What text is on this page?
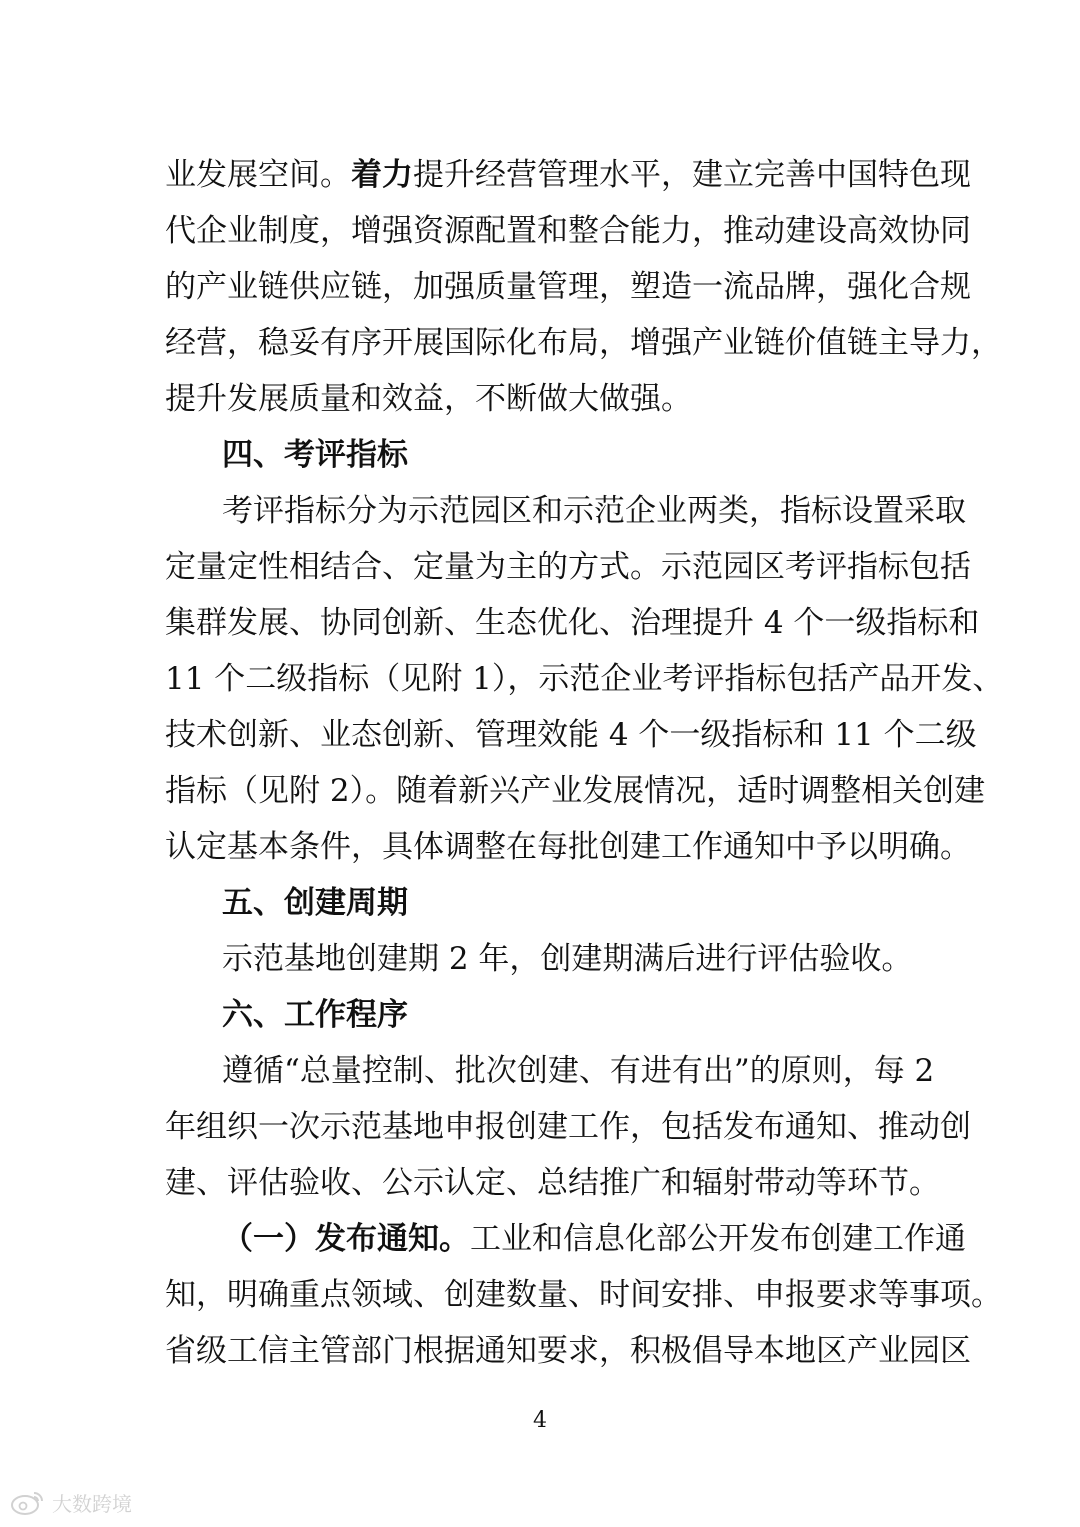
业发展空间。着力提升经营管理水平，建立完善中国特色现
代企业制度，增强资源配置和整合能力，推动建设高效协同
的产业链供应链，加强质量管理，塑造一流品牌，强化合规
经营，稳妥有序开展国际化布局，增强产业链价值链主导力，
提升发展质量和效益，不断做大做强。
四、考评指标
考评指标分为示范园区和示范企业两类，指标设置采取
定量定性相结合、定量为主的方式。示范园区考评指标包括
集群发展、协同创新、生态优化、治理提升 4 个一级指标和
11 个二级指标（见附 1），示范企业考评指标包括产品开发、
技术创新、业态创新、管理效能 4 个一级指标和 11 个二级
指标（见附 2）。随着新兴产业发展情况，适时调整相关创建
认定基本条件，具体调整在每批创建工作通知中予以明确。
五、创建周期
示范基地创建期 2 年，创建期满后进行评估验收。
六、工作程序
遵循“总量控制、批次创建、有进有出”的原则，每 2
年组织一次示范基地申报创建工作，包括发布通知、推动创
建、评估验收、公示认定、总结推广和辐射带动等环节。
（一）发布通知。工业和信息化部公开发布创建工作通
知，明确重点领域、创建数量、时间安排、申报要求等事项。
省级工信主管部门根据通知要求，积极倡导本地区产业园区
4
大数跨境
